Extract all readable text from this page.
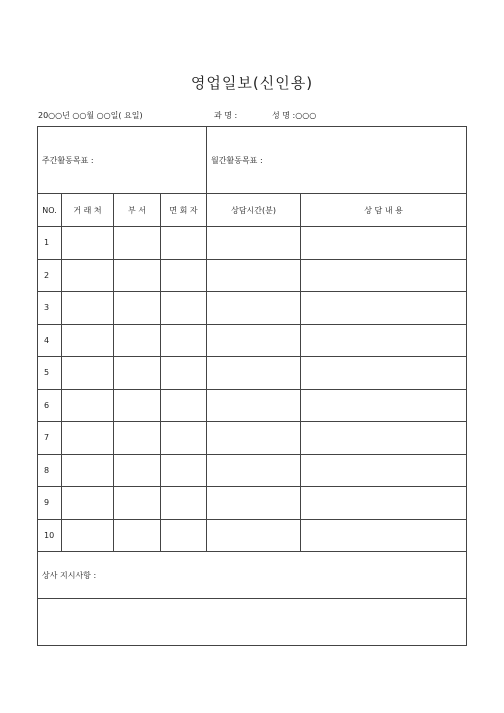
영업일보(신인용)
20○○년 ○○월 ○○일( 요일)	과 명 :	성 명 :○○○
주간활동목표 :				월간활동목표 :	
NO.	거 래 처	부 서	면 회 자	상담시간(분)	상 담 내 용
1					
2					
3					
4					
5					
6					
7					
8					
9					
10					
상사 지시사항 :					
